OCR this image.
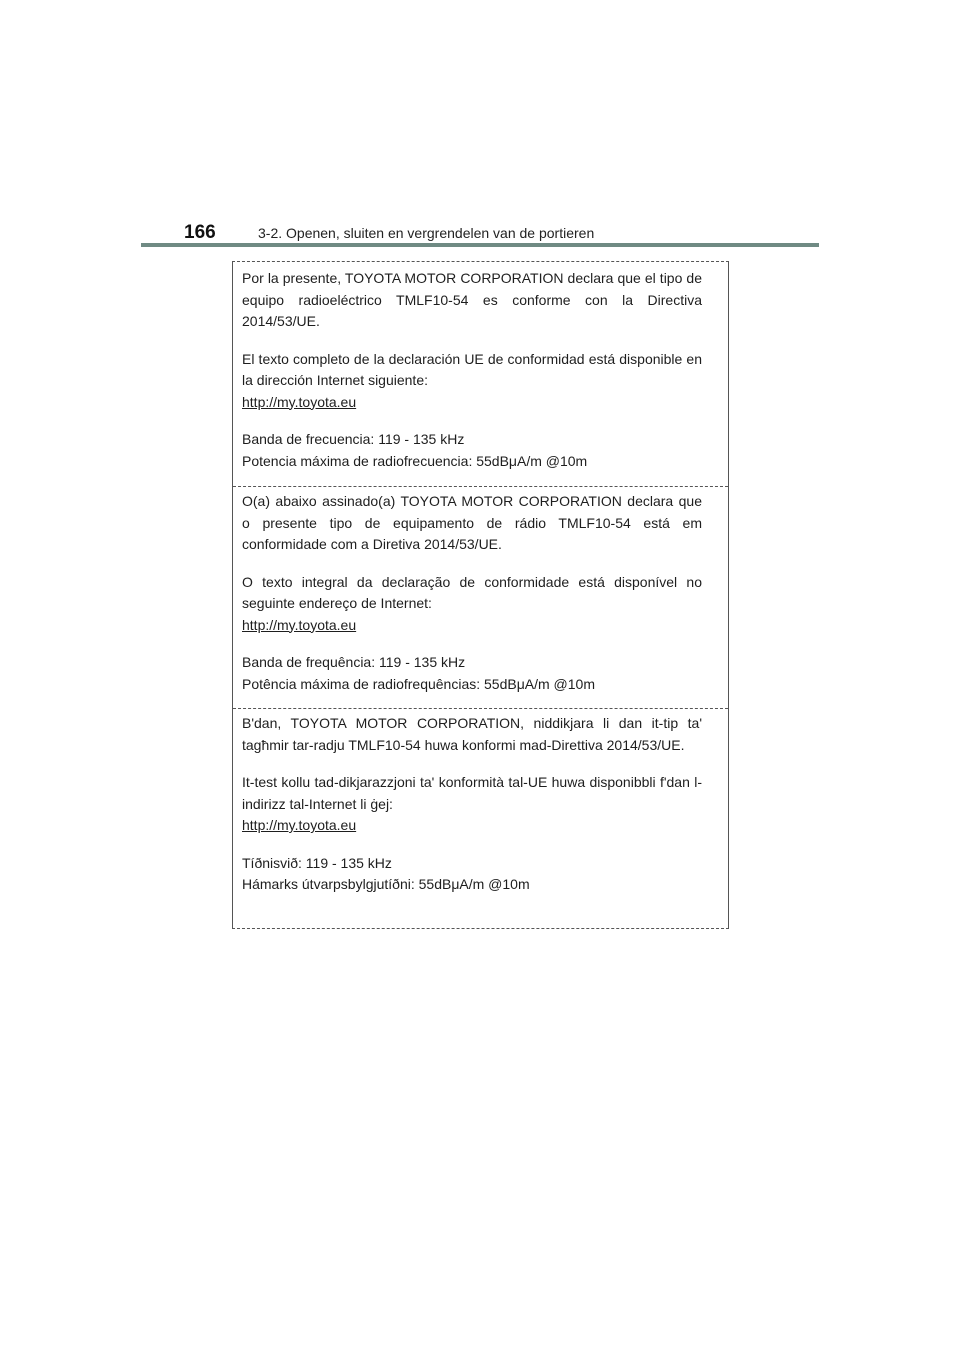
166	3-2. Openen, sluiten en vergrendelen van de portieren

Por la presente, TOYOTA MOTOR CORPORATION declara que el tipo de equipo radioeléctrico TMLF10-54 es conforme con la Directiva 2014/53/UE.

El texto completo de la declaración UE de conformidad está disponible en la dirección Internet siguiente:

http://my.toyota.eu

Banda de frecuencia: 119 - 135 kHz

Potencia máxima de radiofrecuencia: 55dBμA/m @10m

O(a) abaixo assinado(a) TOYOTA MOTOR CORPORATION declara que o presente tipo de equipamento de rádio TMLF10-54 está em conformidade com a Diretiva 2014/53/UE.

O texto integral da declaração de conformidade está disponível no seguinte endereço de Internet:

http://my.toyota.eu

Banda de frequência: 119 - 135 kHz

Potência máxima de radiofrequências: 55dBμA/m @10m

B'dan, TOYOTA MOTOR CORPORATION, niddikjara li dan it-tip ta' tagħmir tar-radju TMLF10-54 huwa konformi mad-Direttiva 2014/53/UE.

It-test kollu tad-dikjarazzjoni ta' konformità tal-UE huwa disponibbli f'dan l-indirizz tal-Internet li ġej:

http://my.toyota.eu

Tíðnisvið: 119 - 135 kHz

Hámarks útvarpsbylgjutíðni: 55dBμA/m @10m
